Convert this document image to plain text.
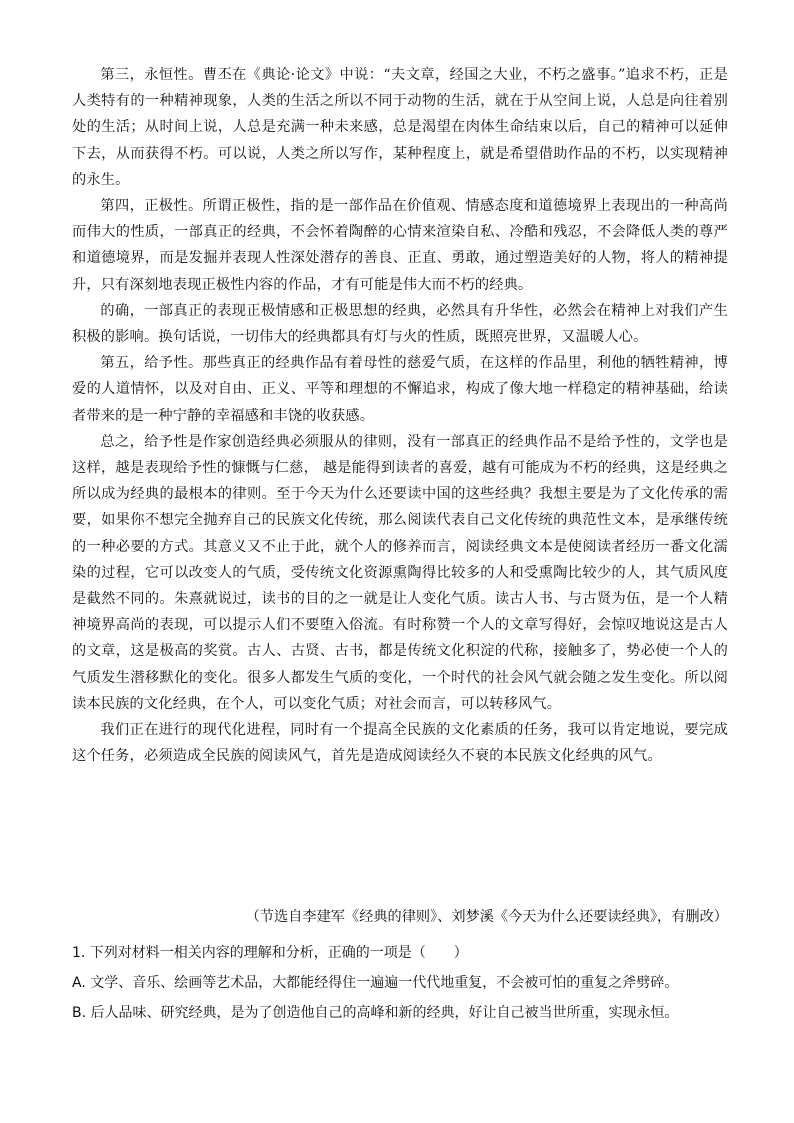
第三，永恒性。曹丕在《典论·论文》中说：“夫文章，经国之大业，不朽之盛事。”追求不朽，正是人类特有的一种精神现象，人类的生活之所以不同于动物的生活，就在于从空间上说，人总是向往着别处的生活；从时间上说，人总是充满一种未来感，总是渴望在肉体生命结束以后，自己的精神可以延伸下去，从而获得不朽。可以说，人类之所以写作，某种程度上，就是希望借助作品的不朽，以实现精神的永生。

第四，正极性。所谓正极性，指的是一部作品在价值观、情感态度和道德境界上表现出的一种高尚而伟大的性质，一部真正的经典，不会怀着陶醉的心情来渲染自私、冷酷和残忍，不会降低人类的尊严和道德境界，而是发掘并表现人性深处潜存的善良、正直、勇敢，通过塑造美好的人物，将人的精神提升，只有深刻地表现正极性内容的作品，才有可能是伟大而不朽的经典。

的确，一部真正的表现正极情感和正极思想的经典，必然具有升华性，必然会在精神上对我们产生积极的影响。换句话说，一切伟大的经典都具有灯与火的性质，既照亮世界，又温暖人心。

第五，给予性。那些真正的经典作品有着母性的慈爱气质，在这样的作品里，利他的牺牲精神，博爱的人道情怀，以及对自由、正义、平等和理想的不懈追求，构成了像大地一样稳定的精神基础，给读者带来的是一种宁静的幸福感和丰饶的收获感。

总之，给予性是作家创造经典必须服从的律则，没有一部真正的经典作品不是给予性的，文学也是这样，越是表现给予性的慷慨与仁慈， 越是能得到读者的喜爱，越有可能成为不朽的经典，这是经典之所以成为经典的最根本的律则。至于今天为什么还要读中国的这些经典？我想主要是为了文化传承的需要，如果你不想完全抛弃自己的民族文化传统，那么阅读代表自己文化传统的典范性文本，是承继传统的一种必要的方式。其意义又不止于此，就个人的修养而言，阅读经典文本是使阅读者经历一番文化濡染的过程，它可以改变人的气质，受传统文化资源熏陶得比较多的人和受熏陶比较少的人，其气质风度是截然不同的。朱熹就说过，读书的目的之一就是让人变化气质。读古人书、与古贤为伍，是一个人精神境界高尚的表现，可以提示人们不要堕入俗流。有时称赞一个人的文章写得好，会惊叹地说这是古人的文章，这是极高的奖赏。古人、古贤、古书，都是传统文化积淀的代称，接触多了，势必使一个人的气质发生潜移默化的变化。很多人都发生气质的变化，一个时代的社会风气就会随之发生变化。所以阅读本民族的文化经典，在个人，可以变化气质；对社会而言，可以转移风气。

我们正在进行的现代化进程，同时有一个提高全民族的文化素质的任务，我可以肯定地说，要完成这个任务，必须造成全民族的阅读风气，首先是造成阅读经久不衰的本民族文化经典的风气。

（节选自李建军《经典的律则》、刘梦溪《今天为什么还要读经典》，有删改）

1. 下列对材料一相关内容的理解和分析，正确的一项是（　　）

A. 文学、音乐、绘画等艺术品，大都能经得住一遍遍一代代地重复，不会被可怕的重复之斧劈碎。

B. 后人品味、研究经典，是为了创造他自己的高峰和新的经典，好让自己被当世所重，实现永恒。
